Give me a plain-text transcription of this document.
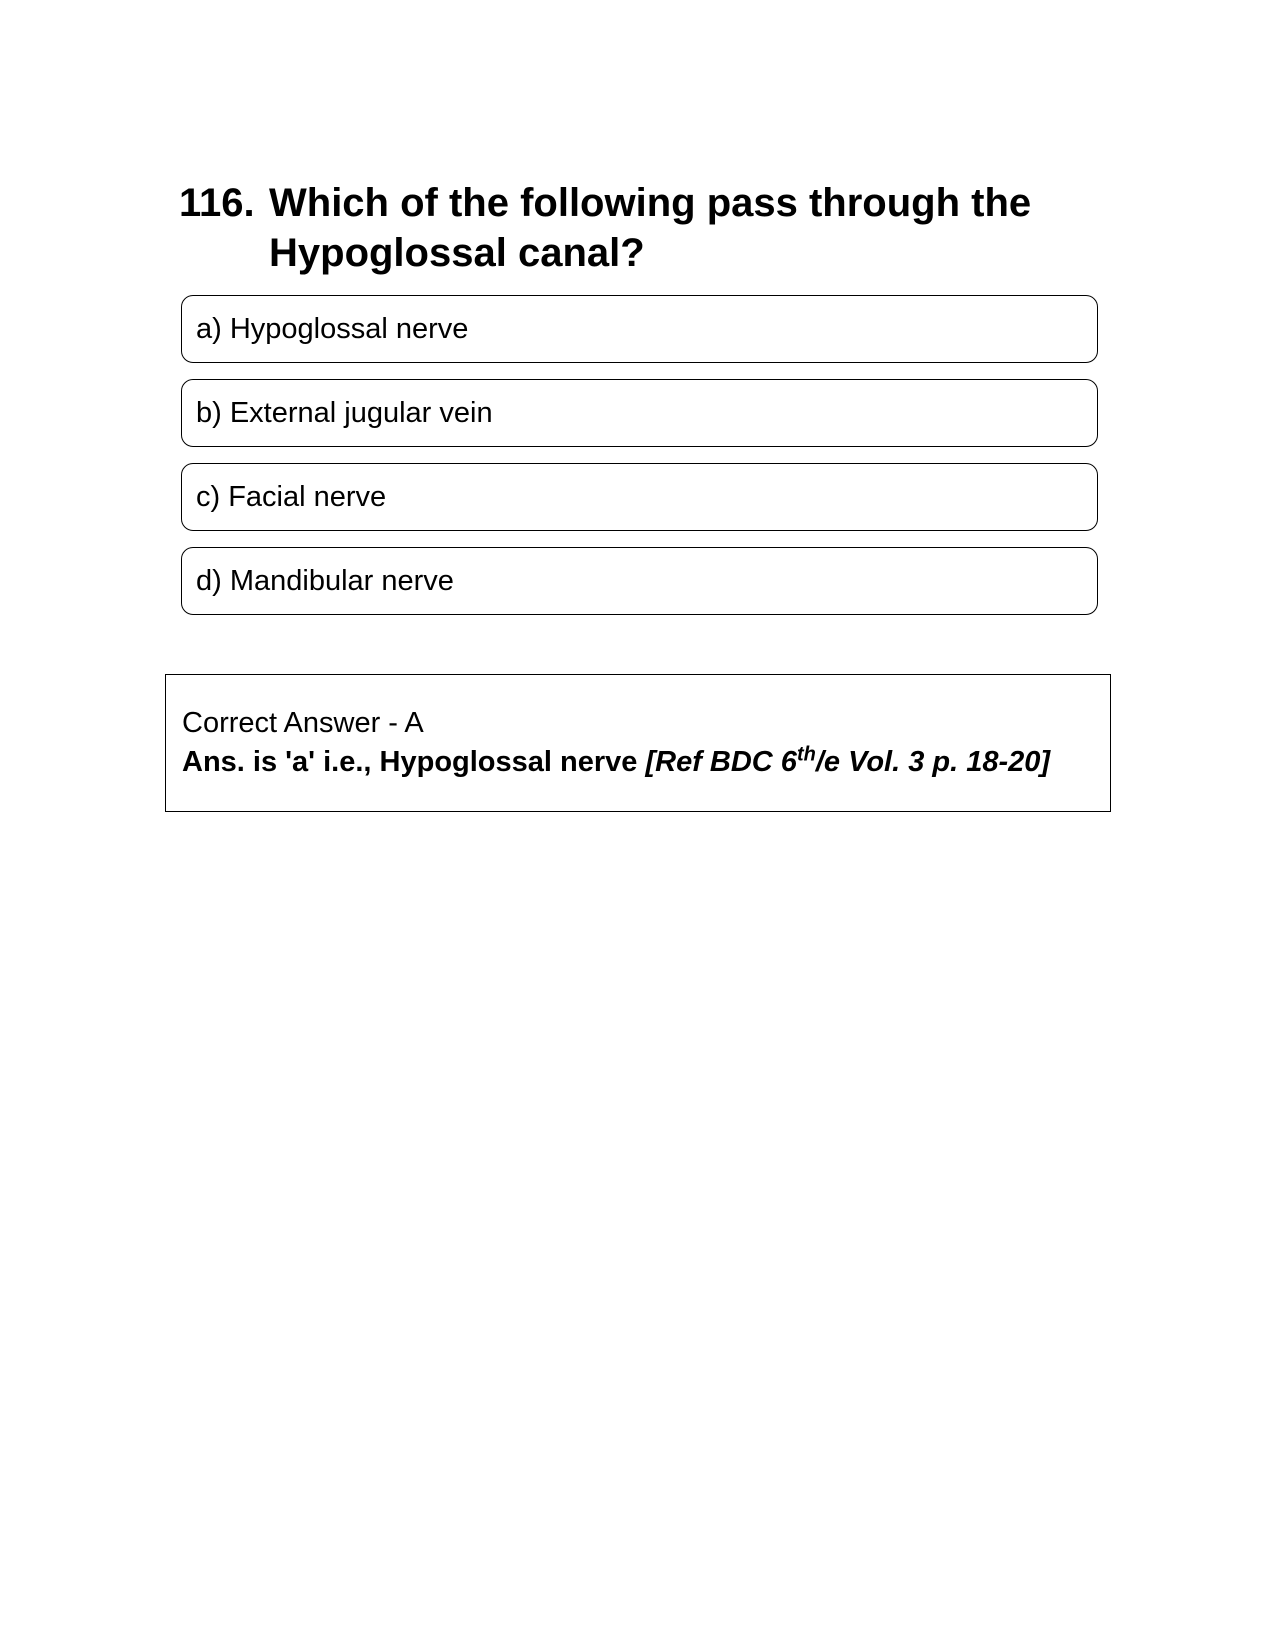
116. Which of the following pass through the Hypoglossal canal?
a) Hypoglossal nerve
b) External jugular vein
c) Facial nerve
d) Mandibular nerve
Correct Answer - A
Ans. is 'a' i.e., Hypoglossal nerve [Ref BDC 6th/e Vol. 3 p. 18-20]
